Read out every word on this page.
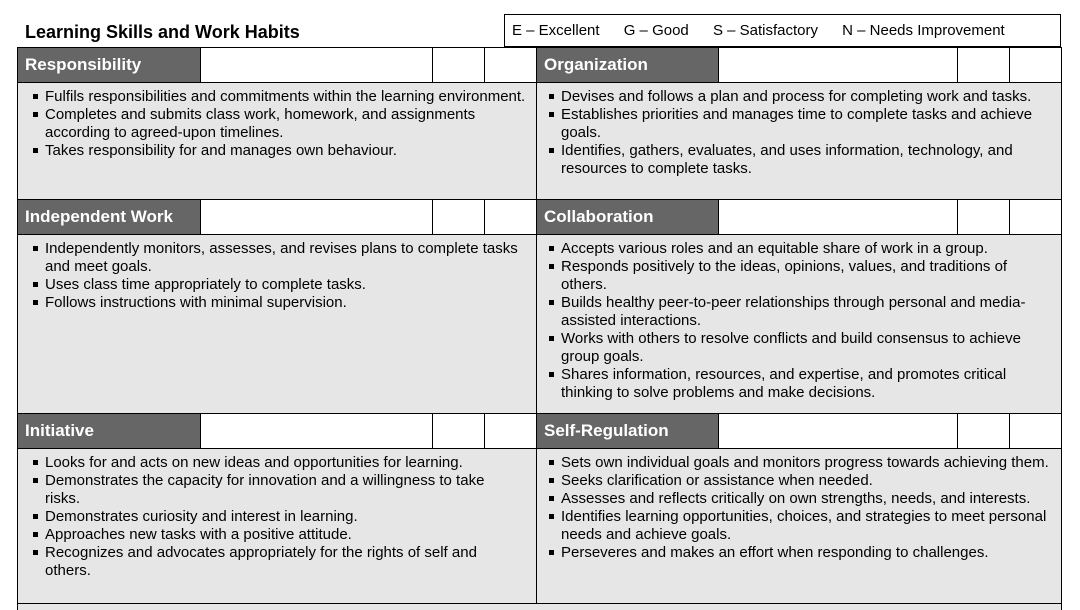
Learning Skills and Work Habits	E – Excellent G – Good S – Satisfactory N – Needs Improvement
Responsibility
Fulfils responsibilities and commitments within the learning environment.
Completes and submits class work, homework, and assignments according to agreed-upon timelines.
Takes responsibility for and manages own behaviour.
Organization
Devises and follows a plan and process for completing work and tasks.
Establishes priorities and manages time to complete tasks and achieve goals.
Identifies, gathers, evaluates, and uses information, technology, and resources to complete tasks.
Independent Work
Independently monitors, assesses, and revises plans to complete tasks and meet goals.
Uses class time appropriately to complete tasks.
Follows instructions with minimal supervision.
Collaboration
Accepts various roles and an equitable share of work in a group.
Responds positively to the ideas, opinions, values, and traditions of others.
Builds healthy peer-to-peer relationships through personal and media-assisted interactions.
Works with others to resolve conflicts and build consensus to achieve group goals.
Shares information, resources, and expertise, and promotes critical thinking to solve problems and make decisions.
Initiative
Looks for and acts on new ideas and opportunities for learning.
Demonstrates the capacity for innovation and a willingness to take risks.
Demonstrates curiosity and interest in learning.
Approaches new tasks with a positive attitude.
Recognizes and advocates appropriately for the rights of self and others.
Self-Regulation
Sets own individual goals and monitors progress towards achieving them.
Seeks clarification or assistance when needed.
Assesses and reflects critically on own strengths, needs, and interests.
Identifies learning opportunities, choices, and strategies to meet personal needs and achieve goals.
Perseveres and makes an effort when responding to challenges.
